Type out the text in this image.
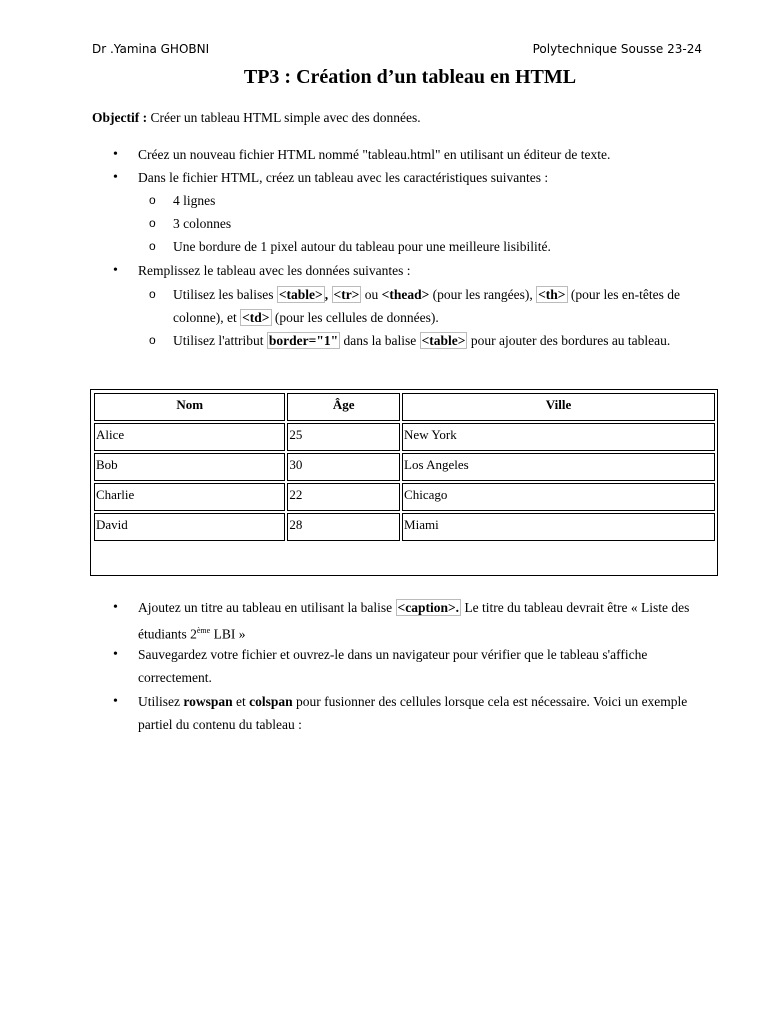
Dr .Yamina GHOBNI	Polytechnique Sousse 23-24
TP3 : Création d’un tableau en HTML
Objectif : Créer un tableau HTML simple avec des données.
• Créez un nouveau fichier HTML nommé "tableau.html" en utilisant un éditeur de texte.
• Dans le fichier HTML, créez un tableau avec les caractéristiques suivantes :
o 4 lignes
o 3 colonnes
o Une bordure de 1 pixel autour du tableau pour une meilleure lisibilité.
• Remplissez le tableau avec les données suivantes :
o Utilisez les balises <table> , <tr> ou <thead> (pour les rangées), <th> (pour les en-têtes de
colonne), et <td> (pour les cellules de données).
o Utilisez l'attribut border="1" dans la balise <table> pour ajouter des bordures au tableau.
Nom	Âge	Ville
Alice	25	New York
Bob	30	Los Angeles
Charlie	22	Chicago
David	28	Miami
• Ajoutez un titre au tableau en utilisant la balise <caption>. Le titre du tableau devrait être « Liste des
étudiants 2ème LBI »
• Sauvegardez votre fichier et ouvrez-le dans un navigateur pour vérifier que le tableau s'affiche
correctement.
• Utilisez rowspan et colspan pour fusionner des cellules lorsque cela est nécessaire. Voici un exemple
partiel du contenu du tableau :
